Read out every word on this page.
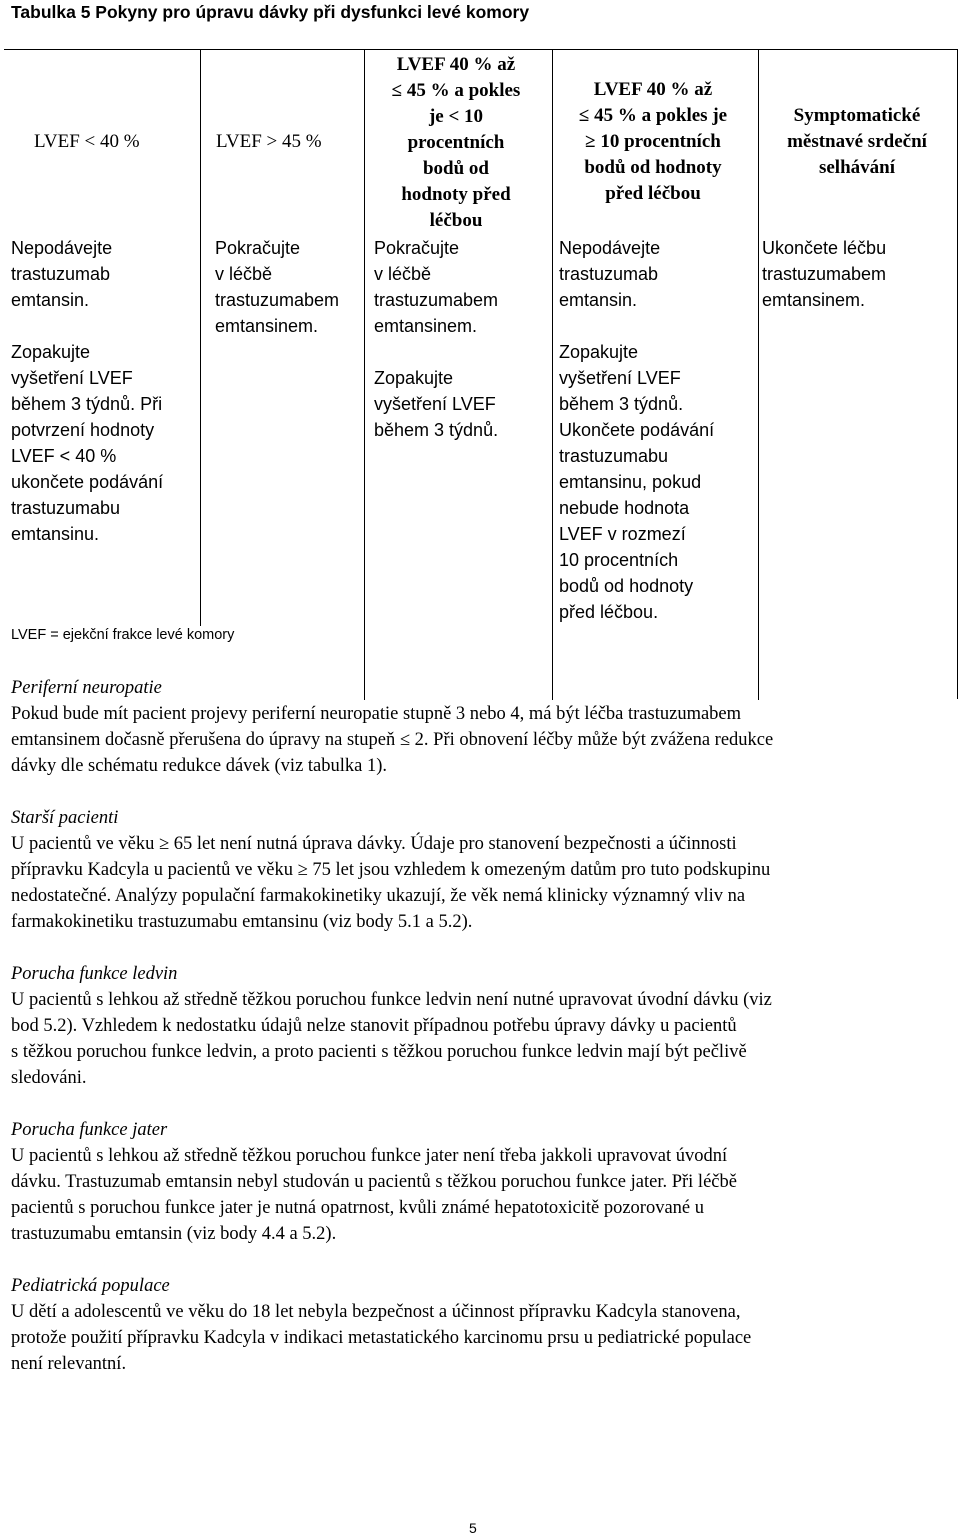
Tabulka 5 Pokyny pro úpravu dávky při dysfunkci levé komory
LVEF < 40 %	LVEF > 45 %
LVEF 40 % až
≤ 45 % a pokles
je < 10
procentních
bodů od
hodnoty před
léčbou
LVEF 40 % až
≤ 45 % a pokles je
≥ 10 procentních
bodů od hodnoty
před léčbou
Symptomatické
městnavé srdeční
selhávání
Nepodávejte
trastuzumab
emtansin.
Zopakujte
vyšetření LVEF
během 3 týdnů. Při
potvrzení hodnoty
LVEF < 40 %
ukončete podávání
trastuzumabu
emtansinu.
Pokračujte
v léčbě
trastuzumabem
emtansinem.
Pokračujte
v léčbě
trastuzumabem
emtansinem.
Zopakujte
vyšetření LVEF
během 3 týdnů.
Nepodávejte
trastuzumab
emtansin.
Zopakujte
vyšetření LVEF
během 3 týdnů.
Ukončete podávání
trastuzumabu
emtansinu, pokud
nebude hodnota
LVEF v rozmezí
10 procentních
bodů od hodnoty
před léčbou.
Ukončete léčbu
trastuzumabem
emtansinem.
LVEF = ejekční frakce levé komory
Periferní neuropatie
Pokud bude mít pacient projevy periferní neuropatie stupně 3 nebo 4, má být léčba trastuzumabem
emtansinem dočasně přerušena do úpravy na stupeň ≤ 2. Při obnovení léčby může být zvážena redukce
dávky dle schématu redukce dávek (viz tabulka 1).
Starší pacienti
U pacientů ve věku ≥ 65 let není nutná úprava dávky. Údaje pro stanovení bezpečnosti a účinnosti
přípravku Kadcyla u pacientů ve věku ≥ 75 let jsou vzhledem k omezeným datům pro tuto podskupinu
nedostatečné. Analýzy populační farmakokinetiky ukazují, že věk nemá klinicky významný vliv na
farmakokinetiku trastuzumabu emtansinu (viz body 5.1 a 5.2).
Porucha funkce ledvin
U pacientů s lehkou až středně těžkou poruchou funkce ledvin není nutné upravovat úvodní dávku (viz
bod 5.2). Vzhledem k nedostatku údajů nelze stanovit případnou potřebu úpravy dávky u pacientů
s těžkou poruchou funkce ledvin, a proto pacienti s těžkou poruchou funkce ledvin mají být pečlivě
sledováni.
Porucha funkce jater
U pacientů s lehkou až středně těžkou poruchou funkce jater není třeba jakkoli upravovat úvodní
dávku. Trastuzumab emtansin nebyl studován u pacientů s těžkou poruchou funkce jater. Při léčbě
pacientů s poruchou funkce jater je nutná opatrnost, kvůli známé hepatotoxicitě pozorované u
trastuzumabu emtansin (viz body 4.4 a 5.2).
Pediatrická populace
U dětí a adolescentů ve věku do 18 let nebyla bezpečnost a účinnost přípravku Kadcyla stanovena,
protože použití přípravku Kadcyla v indikaci metastatického karcinomu prsu u pediatrické populace
není relevantní.
5
